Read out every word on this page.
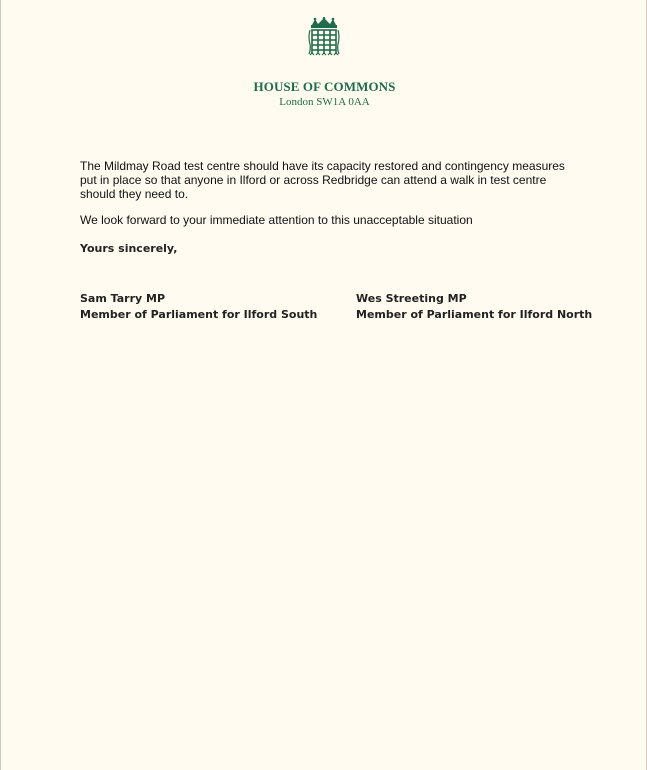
HOUSE OF COMMONS
London SW1A 0AA

The Mildmay Road test centre should have its capacity restored and contingency measures put in place so that anyone in Ilford or across Redbridge can attend a walk in test centre should they need to.

We look forward to your immediate attention to this unacceptable situation

Yours sincerely,
Sam Tarry MP
Member of Parliament for Ilford South
Wes Streeting MP
Member of Parliament for Ilford North
